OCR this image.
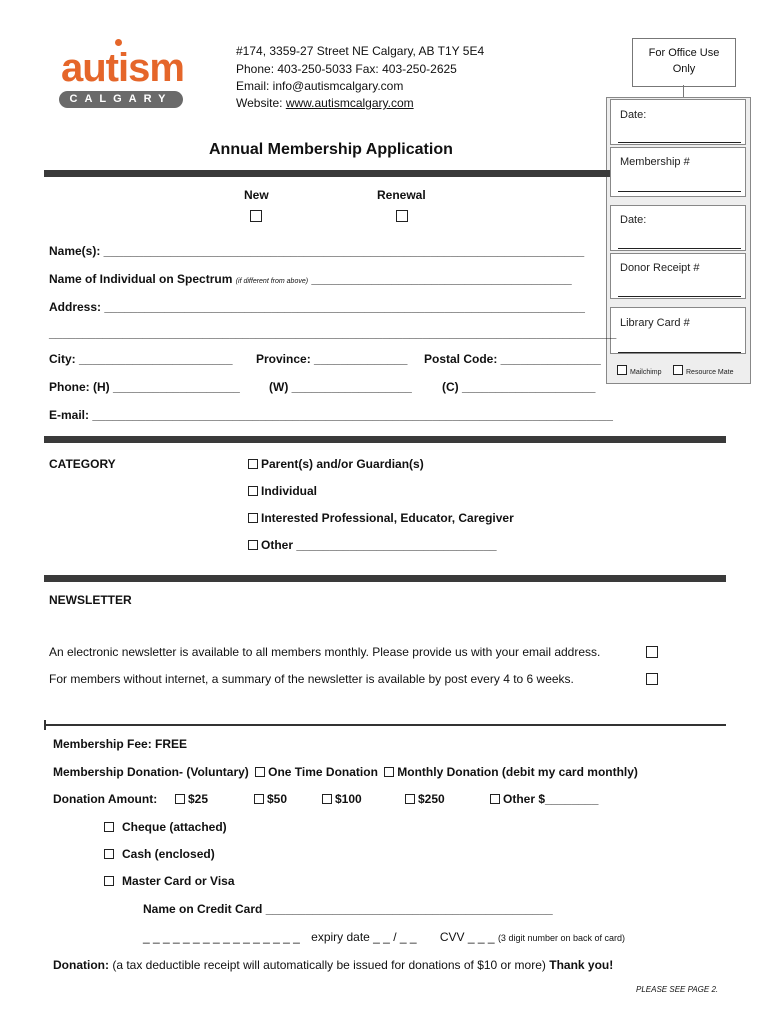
autism
CALGARY
#174, 3359-27 Street NE Calgary, AB T1Y 5E4
Phone: 403-250-5033 Fax: 403-250-2625
Email: info@autismcalgary.com
Website: www.autismcalgary.com
For Office Use
Only
Date:
Membership #
Date:
Donor Receipt #
Library Card #
Mailchimp	Resource Mate
Annual Membership Application
New	Renewal
Name(s): ________________________________________________________________________
Name of Individual on Spectrum (if different from above) _______________________________________
Address: ________________________________________________________________________
_____________________________________________________________________________________
City: _______________________ Province: ______________ Postal Code: _______________
Phone: (H) ___________________ (W) __________________	(C) ____________________
E-mail: ______________________________________________________________________________
CATEGORY	Parent(s) and/or Guardian(s)
Individual
Interested Professional, Educator, Caregiver
Other ______________________________
NEWSLETTER
An electronic newsletter is available to all members monthly. Please provide us with your email address.
For members without internet, a summary of the newsletter is available by post every 4 to 6 weeks.
Membership Fee: FREE
Membership Donation- (Voluntary) One Time Donation Monthly Donation (debit my card monthly)
Donation Amount:	$25	$50	$100	$250	Other $________
Cheque (attached)
Cash (enclosed)
Master Card or Visa
Name on Credit Card ___________________________________________
_ _ _ _ _ _ _ _ _ _ _ _ _ _ _ _ expiry date _ _ / _ _ CVV _ _ _ (3 digit number on back of card)
Donation: (a tax deductible receipt will automatically be issued for donations of $10 or more) Thank you!
PLEASE SEE PAGE 2.
